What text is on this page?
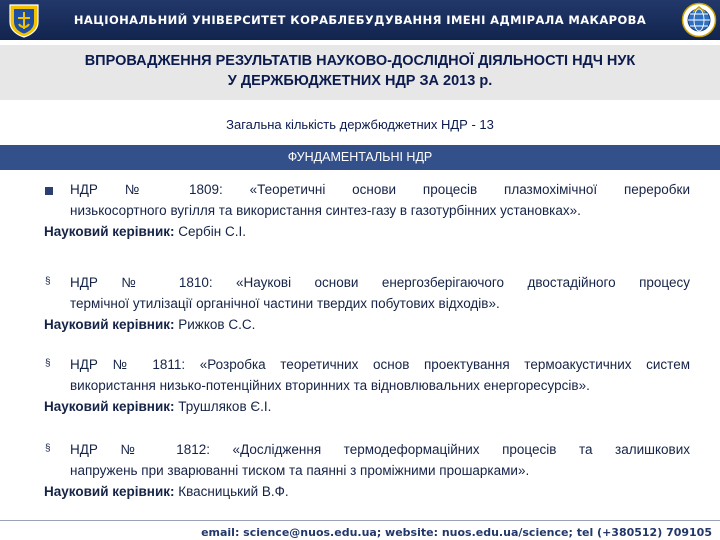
НАЦІОНАЛЬНИЙ УНІВЕРСИТЕТ КОРАБЛЕБУДУВАННЯ ІМЕНІ АДМІРАЛА МАКАРОВА
ВПРОВАДЖЕННЯ РЕЗУЛЬТАТІВ НАУКОВО-ДОСЛІДНОЇ ДІЯЛЬНОСТІ НДЧ НУК
У ДЕРЖБЮДЖЕТНИХ НДР ЗА 2013 р.
Загальна кількість держбюджетних НДР - 13
ФУНДАМЕНТАЛЬНІ НДР
НДР № 1809: «Теоретичні основи процесів плазмохімічної переробки
низькосортного вугілля та використання синтез-газу в газотурбінних установках».
Науковий керівник: Сербін С.І.
§ НДР № 1810: «Наукові основи енергозберігаючого двостадійного процесу
термічної утилізації органічної частини твердих побутових відходів».
Науковий керівник: Рижков С.С.
§ НДР № 1811: «Розробка теоретичних основ проектування термоакустичних систем
використання низько-потенційних вторинних та відновлювальних енергоресурсів».
Науковий керівник: Трушляков Є.І.
§ НДР № 1812: «Дослідження термодеформаційних процесів та залишкових
напружень при зварюванні тиском та паянні з проміжними прошарками».
Науковий керівник: Квасницький В.Ф.
email: science@nuos.edu.ua; website: nuos.edu.ua/science; tel (+380512) 709105
